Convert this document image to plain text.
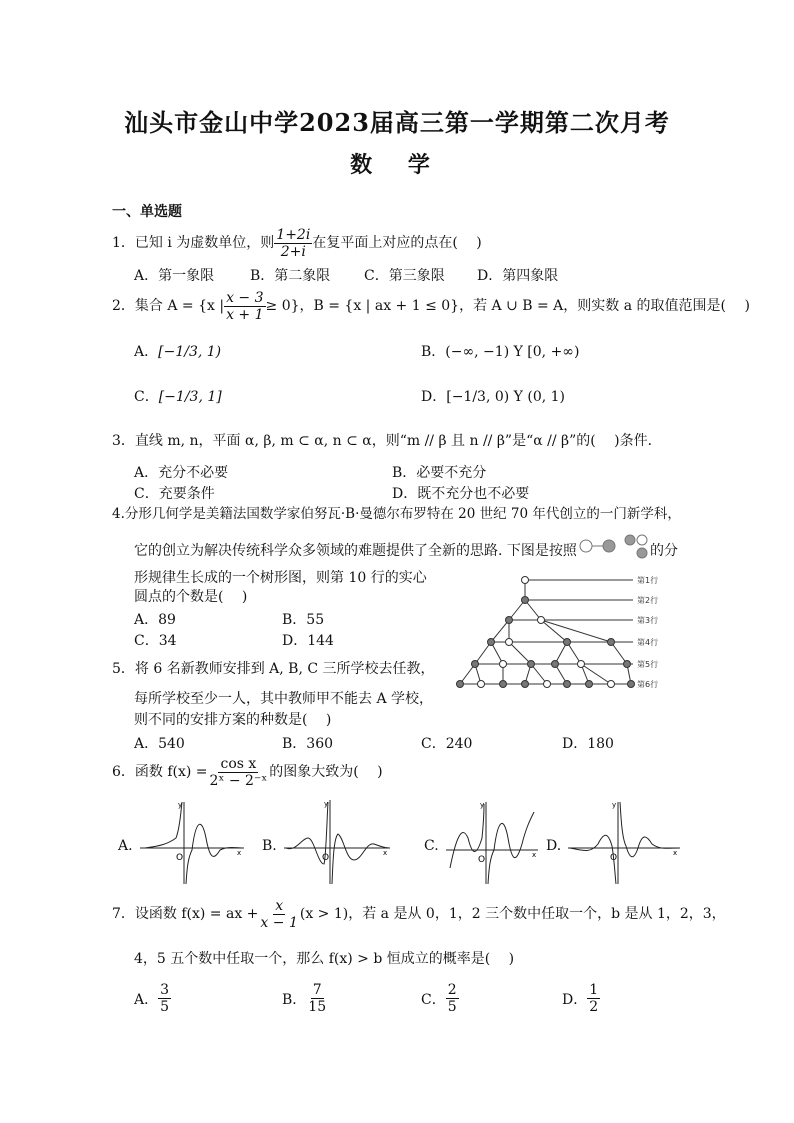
汕头市金山中学2023届高三第一学期第二次月考
数 学
一、单选题
1．已知 i 为虚数单位，则 $\frac{1+2i}{2+i}$ 在复平面上对应的点在(　 )
A．第一象限	B．第二象限 C．第三象限 D．第四象限
2．集合 A = {x | $\frac{x - 3}{x + 1} \ge 0$}，B = {x | ax + 1 ≤ 0}，若 A ∪ B = A，则实数 a 的取值范围是(　 )
A．[−1/3, 1)	B．(−∞, −1) Y [0, +∞)
C．[−1/3, 1]	D．[−1/3, 0) Y (0, 1)
3．直线 m, n，平面 α, β, m ⊂ α, n ⊂ α，则“m // β 且 n // β”是“α // β”的(　 )条件．
A．充分不必要	B．必要不充分
C．充要条件	D．既不充分也不必要
4.分形几何学是美籍法国数学家伯努瓦·B·曼德尔布罗特在 20 世纪 70 年代创立的一门新学科，
它的创立为解决传统科学众多领域的难题提供了全新的思路. 下图是按照	的分
形规律生长成的一个树形图，则第 10 行的实心
圆点的个数是(　 )
A．89	B．55
C．34	D．144
第1行
第2行
第3行
第4行
第5行
第6行
5．将 6 名新教师安排到 A, B, C 三所学校去任教，
每所学校至少一人，其中教师甲不能去 A 学校，
则不同的安排方案的种数是(　 )
A．540	B．360	C．240	D．180
6．函数 $f(x) = \frac{\text{cos x}}{\text{2ˣ − 2⁻ˣ}}$ 的图象大致为(　 )
A.	x
y
O
B.	x
y
O
C.
x
y
O
D.	x
y
O
7．设函数 f(x) = ax + $\frac{x}{x - 1} (x > 1)$，若 a 是从 0，1，2 三个数中任取一个，b 是从 1，2，3，
4，5 五个数中任取一个，那么 f(x) > b 恒成立的概率是(　 )
A． $\frac{3}{5}$	B． $\frac{7}{15}$	C． $\frac{2}{5}$	D． $\frac{1}{2}$
